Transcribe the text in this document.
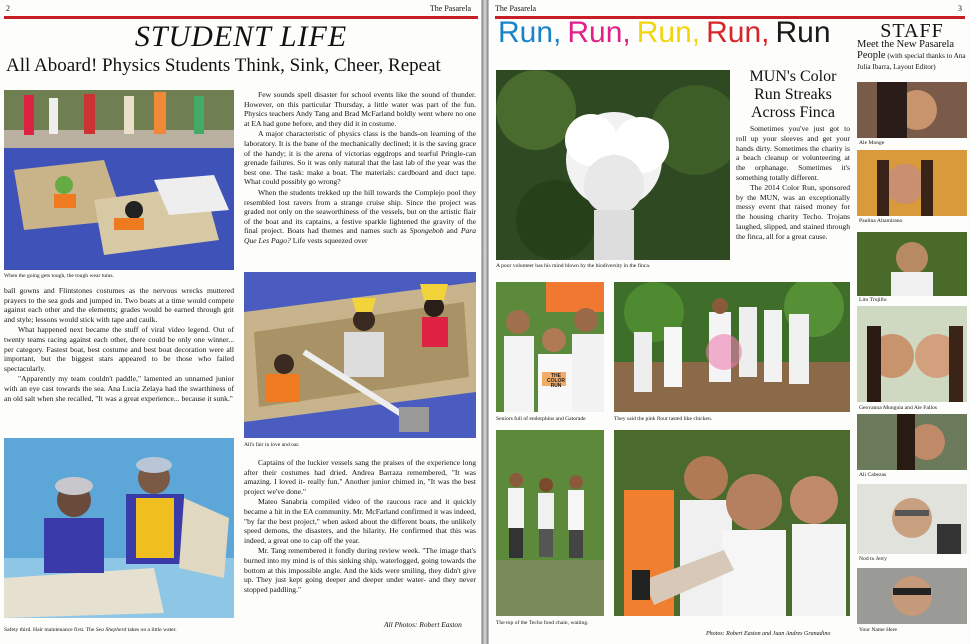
2	The Pasarela
STUDENT LIFE
All Aboard! Physics Students Think, Sink, Cheer, Repeat
When the going gets tough, the tough wear tutus.

Few sounds spell disaster for school events like the sound of thunder. However, on this particular Thursday, a little water was part of the fun. Physics teachers Andy Tang and Brad McFarland boldly went where no one at EA had gone before, and they did it in costume.

A major characteristic of physics class is the hands-on learning of the laboratory. It is the bane of the mechanically declined; it is the saving grace of the handy; it is the arena of victorias eggdrops and tearful Pringle-can grenade failures. So it was only natural that the last lab of the year was the best one. The task: make a boat. The materials: cardboard and duct tape. What could possibly go wrong?

When the students trekked up the hill towards the Complejo pool they resembled lost ravers from a strange cruise ship. Since the project was graded not only on the seaworthiness of the vessels, but on the artistic flair of the boat and its captains, a festive sparkle lightened the gravity of the final project. Boats had themes and names such as Spongebob and Para Que Les Pago? Life vests squeezed over

ball gowns and Flintstones costumes as the nervous wrecks muttered prayers to the sea gods and jumped in. Two boats at a time would compete against each other and the elements; grades would be earned through grit and style; lessons would stick with tape and caulk.

What happened next became the stuff of viral video legend. Out of twenty teams racing against each other, there could be only one winner... per category. Fastest boat, best costume and best boat decoration were all important, but the biggest stars appeared to be those who failed spectacularly.

"Apparently my team couldn't paddle," lamented an unnamed junior with an eye cast towards the sea. Ana Lucia Zelaya had the swarthiness of an old salt when she recalled, "It was a great experience... because it sunk."

All's fair in love and oar.
Safety third. Hair maintenance first. The Sea Shepherd takes on a little water.

Captains of the luckier vessels sang the praises of the experience long after their costumes had dried. Andrea Barraza remembered, "It was amazing. I loved it- really fun." Another junior chimed in, "It was the best project we've done."

Mateo Sanabria compiled video of the raucous race and it quickly became a hit in the EA community. Mr. McFarland confirmed it was indeed, "by far the best project," when asked about the different boats, the unlikely speed demons, the disasters, and the hilarity. He confirmed that this was indeed, a great one to cap off the year.

Mr. Tang remembered it fondly during review week. "The image that's burned into my mind is of this sinking ship, waterlogged, going towards the bottom at this impossible angle. And the kids were smiling, they didn't give up. They just kept going deeper and deeper under water- and they never stopped paddling."

All Photos: Robert Easton
The Pasarela	3
Run, Run, Run, Run, Run
A poor volunteer has his mind blown by the biodiversity in the finca.
MUN's Color Run Streaks Across Finca

Sometimes you've just got to roll up your sleeves and get your hands dirty. Sometimes the charity is a beach cleanup or volunteering at the orphanage. Sometimes it's something totally different.

The 2014 Color Run, sponsored by the MUN, was an exceptionally messy event that raised money for the housing charity Techo. Trojans laughed, slipped, and stained through the finca, all for a great cause.

THE COLOR RUN
Seniors full of endorphins and Gatorade	They said the pink flour tasted like chicken.
The top of the Techo food chain, waiting.
Photos: Robert Easton and Juan Andres Granadino
STAFF
Meet the New Pasarela People (with special thanks to Ana Julia Ibarra, Layout Editor)
Ale Monge
Paulina Altamirano
Lito Trujillo
Geovanna Munguia and Ale Fallos
Ali Cabezas
Nod to Jerry
Your Name Here
